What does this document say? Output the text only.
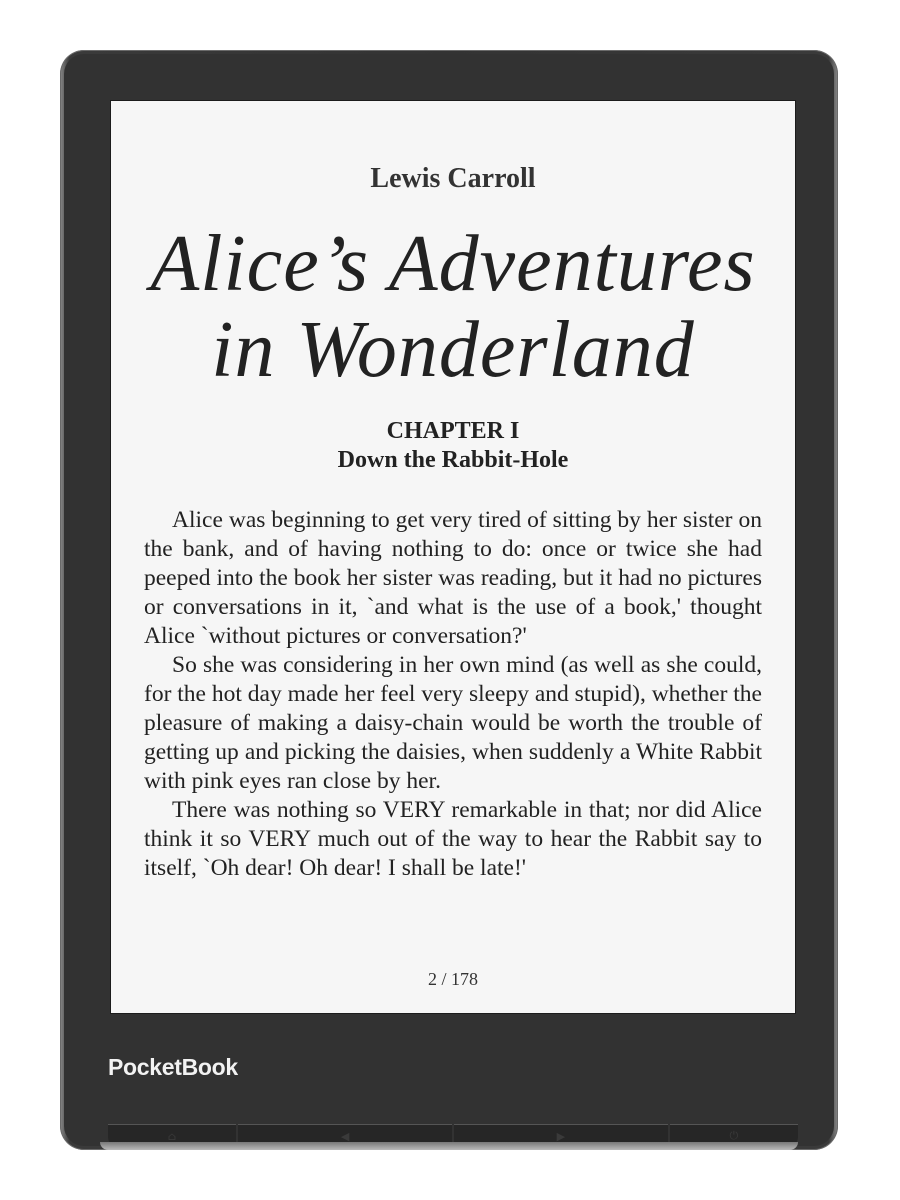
Lewis Carroll
Alice’s Adventures
in Wonderland
CHAPTER I
Down the Rabbit-Hole

Alice was beginning to get very tired of sitting by her sister on the bank, and of having nothing to do: once or twice she had peeped into the book her sister was reading, but it had no pictures or conversations in it, `and what is the use of a book,' thought Alice `without pictures or conversation?'

So she was considering in her own mind (as well as she could, for the hot day made her feel very sleepy and stupid), whether the pleasure of making a daisy-chain would be worth the trouble of getting up and picking the daisies, when suddenly a White Rabbit with pink eyes ran close by her.

There was nothing so VERY remarkable in that; nor did Alice think it so VERY much out of the way to hear the Rabbit say to itself, `Oh dear! Oh dear! I shall be late!'

2 / 178
PocketBook
⌂	◀	▶	⏻
